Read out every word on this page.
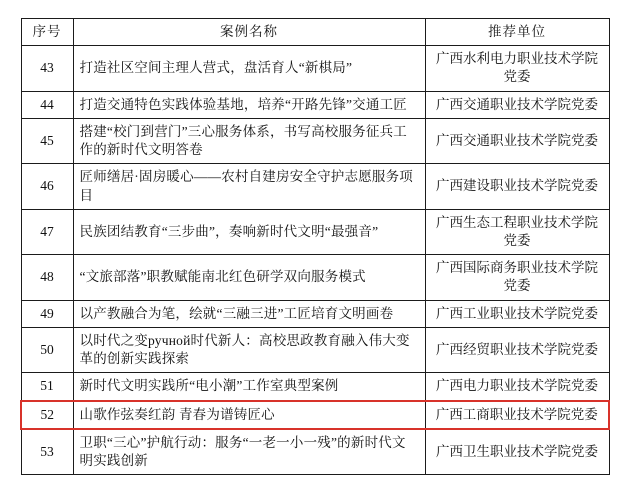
序号	案例名称	推荐单位
43	打造社区空间主理人营式，盘活育人“新棋局”	广西水利电力职业技术学院党委
44	打造交通特色实践体验基地，培养“开路先锋”交通工匠	广西交通职业技术学院党委
45	搭建“校门到营门”三心服务体系，书写高校服务征兵工作的新时代文明答卷	广西交通职业技术学院党委
46	匠师缮居·固房暖心——农村自建房安全守护志愿服务项目	广西建设职业技术学院党委
47	民族团结教育“三步曲”，奏响新时代文明“最强音”	广西生态工程职业技术学院党委
48	“文旅部落”职教赋能南北红色研学双向服务模式	广西国际商务职业技术学院党委
49	以产教融合为笔，绘就“三融三进”工匠培育文明画卷	广西工业职业技术学院党委
50	以时代之变ручной时代新人：高校思政教育融入伟大变革的创新实践探索	广西经贸职业技术学院党委
51	新时代文明实践所“电小潮”工作室典型案例	广西电力职业技术学院党委
52	山歌作弦奏红韵 青春为谱铸匠心	广西工商职业技术学院党委
53	卫职“三心”护航行动：服务“一老一小一残”的新时代文明实践创新	广西卫生职业技术学院党委
